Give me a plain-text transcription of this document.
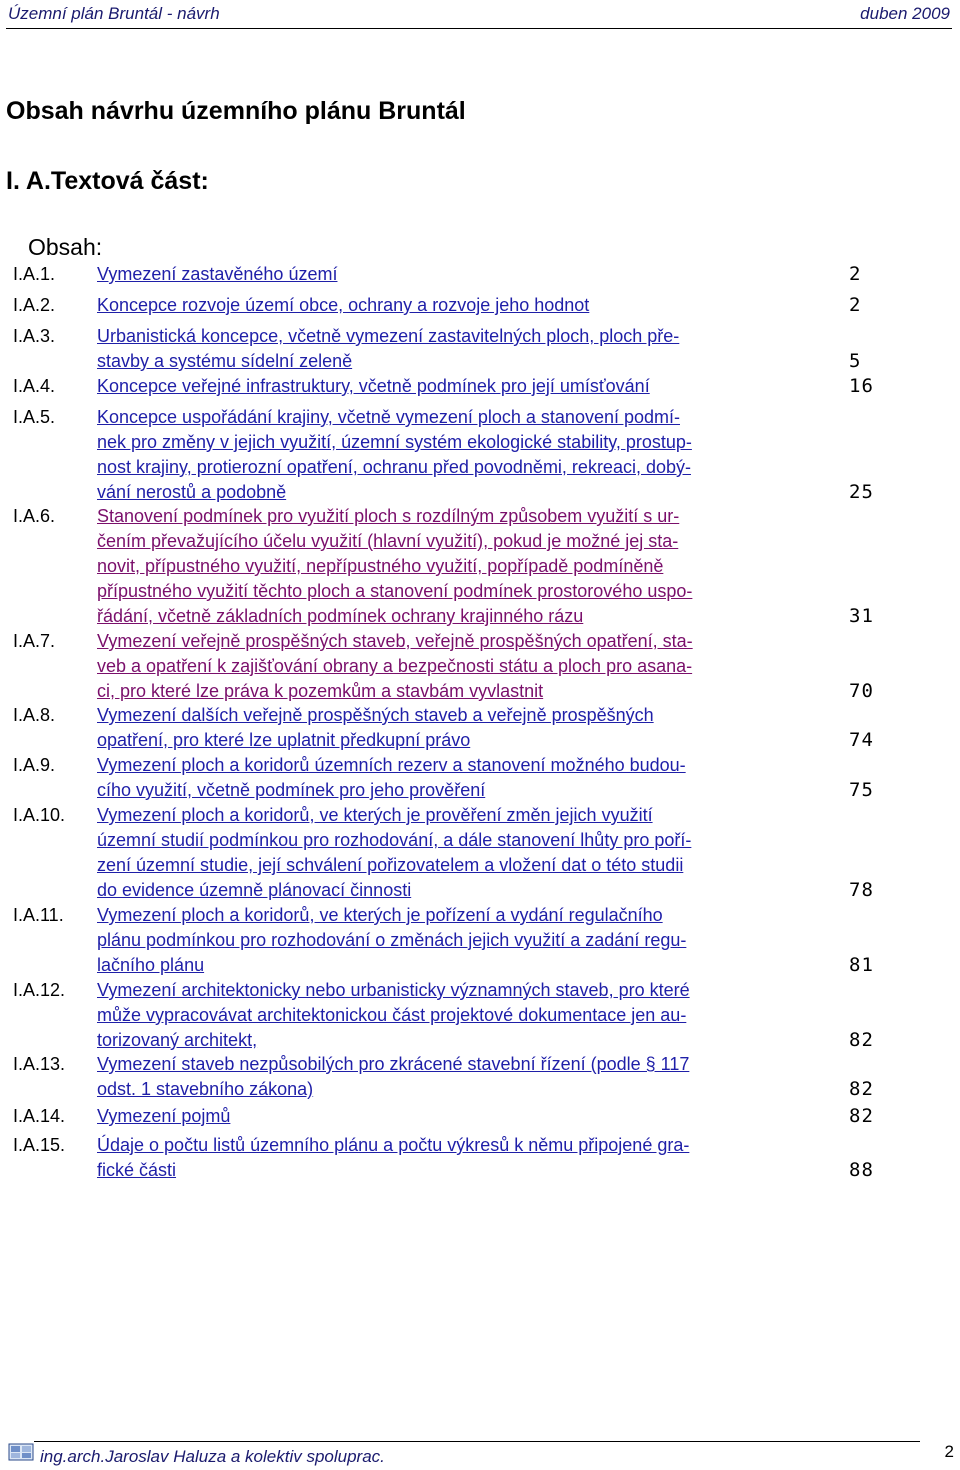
Územní plán Bruntál - návrh	duben 2009
Obsah návrhu územního plánu Bruntál
I. A.Textová část:
Obsah:
I.A.1. Vymezení zastavěného území	2
I.A.2. Koncepce rozvoje území obce, ochrany a rozvoje jeho hodnot	2
I.A.3. Urbanistická koncepce, včetně vymezení zastavitelných ploch, ploch pře-
stavby a systému sídelní zeleně	5
I.A.4. Koncepce veřejné infrastruktury, včetně podmínek pro její umísťování	16
I.A.5. Koncepce uspořádání krajiny, včetně vymezení ploch a stanovení podmí-
nek pro změny v jejich využití, územní systém ekologické stability, prostup-
nost krajiny, protierozní opatření, ochranu před povodněmi, rekreaci, dobý-
vání nerostů a podobně	25
I.A.6. Stanovení podmínek pro využití ploch s rozdílným způsobem využití s ur-
čením převažujícího účelu využití (hlavní využití), pokud je možné jej sta-
novit, přípustného využití, nepřípustného využití, popřípadě podmíněně
přípustného využití těchto ploch a stanovení podmínek prostorového uspo-
řádání, včetně základních podmínek ochrany krajinného rázu	31
I.A.7. Vymezení veřejně prospěšných staveb, veřejně prospěšných opatření, sta-
veb a opatření k zajišťování obrany a bezpečnosti státu a ploch pro asana-
ci, pro které lze práva k pozemkům a stavbám vyvlastnit	70
I.A.8. Vymezení dalších veřejně prospěšných staveb a veřejně prospěšných
opatření, pro které lze uplatnit předkupní právo	74
I.A.9. Vymezení ploch a koridorů územních rezerv a stanovení možného budou-
cího využití, včetně podmínek pro jeho prověření	75
I.A.10. Vymezení ploch a koridorů, ve kterých je prověření změn jejich využití
územní studií podmínkou pro rozhodování, a dále stanovení lhůty pro poří-
zení územní studie, její schválení pořizovatelem a vložení dat o této studii
do evidence územně plánovací činnosti	78
I.A.11. Vymezení ploch a koridorů, ve kterých je pořízení a vydání regulačního
plánu podmínkou pro rozhodování o změnách jejich využití a zadání regu-
lačního plánu	81
I.A.12. Vymezení architektonicky nebo urbanisticky významných staveb, pro které
může vypracovávat architektonickou část projektové dokumentace jen au-
torizovaný architekt,	82
I.A.13. Vymezení staveb nezpůsobilých pro zkrácené stavební řízení (podle § 117
odst. 1 stavebního zákona)	82
I.A.14. Vymezení pojmů	82
I.A.15. Údaje o počtu listů územního plánu a počtu výkresů k němu připojené gra-
fické části	88
ing.arch.Jaroslav Haluza a kolektiv spoluprac.	2
